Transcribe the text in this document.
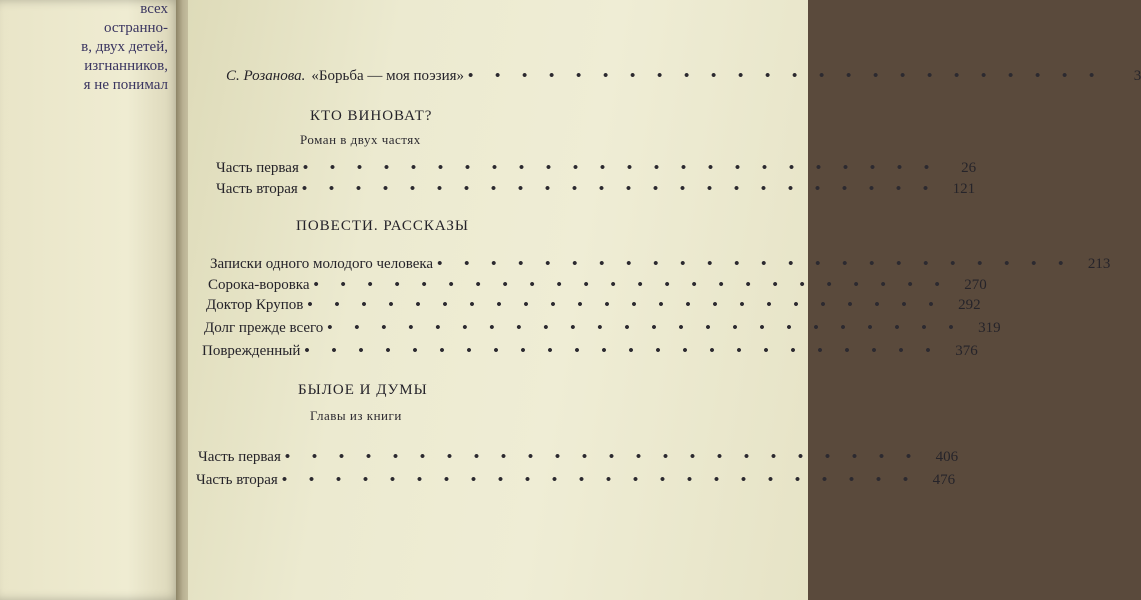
всех
остранно-
в, двух детей,
изгнанников,
я не понимал
С. Розанова. «Борьба — моя поэзия» • • • • • • • • • • • • • • • • • • • • • • • •	3
КТО ВИНОВАТ?
Роман в двух частях
Часть первая • • • • • • • • • • • • • • • • • • • • • • • •	26
Часть вторая • • • • • • • • • • • • • • • • • • • • • • • •	121
ПОВЕСТИ. РАССКАЗЫ
Записки одного молодого человека • • • • • • • • • • • • • • • • • • • • • • • •	213
Сорока-воровка • • • • • • • • • • • • • • • • • • • • • • • •	270
Доктор Крупов • • • • • • • • • • • • • • • • • • • • • • • •	292
Долг прежде всего • • • • • • • • • • • • • • • • • • • • • • • •	319
Поврежденный • • • • • • • • • • • • • • • • • • • • • • • •	376
БЫЛОЕ И ДУМЫ
Главы из книги
Часть первая • • • • • • • • • • • • • • • • • • • • • • • •	406
Часть вторая • • • • • • • • • • • • • • • • • • • • • • • •	476
